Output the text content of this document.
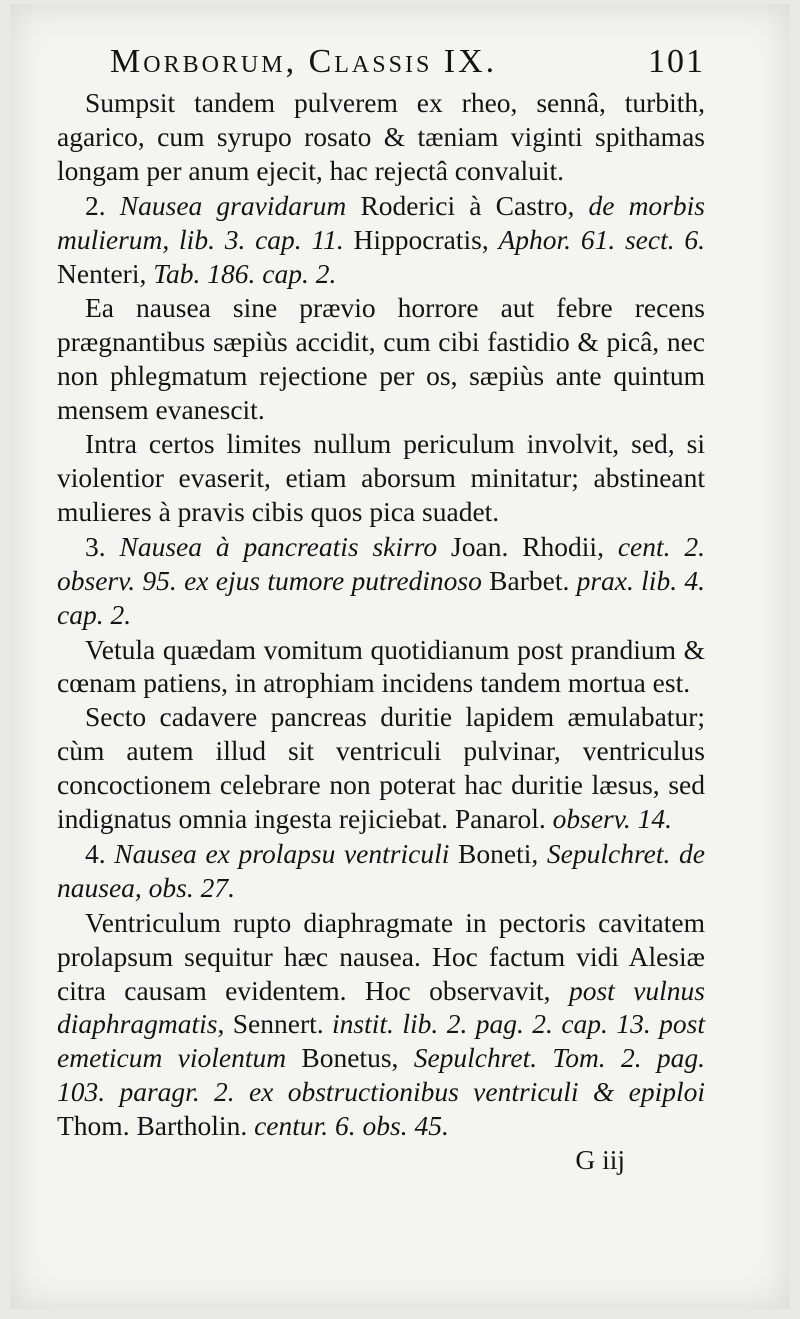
Morborum, Classis IX.	101

Sumpsit tandem pulverem ex rheo, sennâ, turbith, agarico, cum syrupo rosato & tæniam viginti spithamas longam per anum ejecit, hac rejectâ convaluit.

2. Nausea gravidarum Roderici à Castro, de morbis mulierum, lib. 3. cap. 11. Hippocratis, Aphor. 61. sect. 6. Nenteri, Tab. 186. cap. 2.

Ea nausea sine prævio horrore aut febre recens prægnantibus sæpiùs accidit, cum cibi fastidio & picâ, nec non phlegmatum rejectione per os, sæpiùs ante quintum mensem evanescit.

Intra certos limites nullum periculum involvit, sed, si violentior evaserit, etiam aborsum minitatur; abstineant mulieres à pravis cibis quos pica suadet.

3. Nausea à pancreatis skirro Joan. Rhodii, cent. 2. observ. 95. ex ejus tumore putredinoso Barbet. prax. lib. 4. cap. 2.

Vetula quædam vomitum quotidianum post prandium & cœnam patiens, in atrophiam incidens tandem mortua est.

Secto cadavere pancreas duritie lapidem æmulabatur; cùm autem illud sit ventriculi pulvinar, ventriculus concoctionem celebrare non poterat hac duritie læsus, sed indignatus omnia ingesta rejiciebat. Panarol. observ. 14.

4. Nausea ex prolapsu ventriculi Boneti, Sepulchret. de nausea, obs. 27.

Ventriculum rupto diaphragmate in pectoris cavitatem prolapsum sequitur hæc nausea. Hoc factum vidi Alesiæ citra causam evidentem. Hoc observavit, post vulnus diaphragmatis, Sennert. instit. lib. 2. pag. 2. cap. 13. post emeticum violentum Bonetus, Sepulchret. Tom. 2. pag. 103. paragr. 2. ex obstructionibus ventriculi & epiploi Thom. Bartholin. centur. 6. obs. 45.

G iij
